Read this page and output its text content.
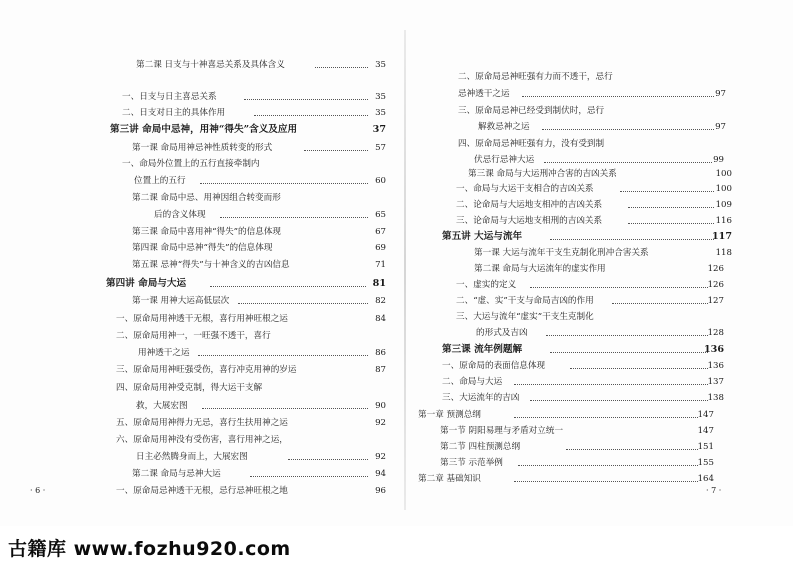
第二课 日支与十神喜忌关系及具体含义	35
一、日支与日主喜忌关系	35
二、日支对日主的具体作用	35
第三讲 命局中忌神，用神“得失”含义及应用	37
第一课 命局用神忌神性质转变的形式	57
一、命局外位置上的五行直接牵制内
位置上的五行	60
第二课 命局中忌、用神因组合转变而形
后的含义体现	65
第三课 命局中喜用神“得失”的信息体现	67
第四课 命局中忌神“得失”的信息体现	69
第五课 忌神“得失”与十神含义的吉凶信息	71
第四讲 命局与大运	81
第一课 用神大运高低层次	82
一、原命局用神透干无根，喜行用神旺根之运	84
二、原命局用神一，一旺强不透干，喜行
用神透干之运	86
三、原命局用神旺强受伤，喜行冲克用神的岁运	87
四、原命局用神受克制，得大运干支解
救，大展宏图	90
五、原命局用神得力无忌，喜行生扶用神之运	92
六、原命局用神没有受伤害，喜行用神之运，
日主必然腾身而上，大展宏图	92
第二课 命局与忌神大运	94
一、原命局忌神透干无根，忌行忌神旺根之地	96
· 6 ·
二、原命局忌神旺强有力而不透干，忌行
忌神透干之运	97
三、原命局忌神已经受到制伏时，忌行
解救忌神之运	97
四、原命局忌神旺强有力，没有受到制
伏忌行忌神大运	99
第三课 命局与大运刑冲合害的吉凶关系	100
一、命局与大运干支相合的吉凶关系	100
二、论命局与大运地支相冲的吉凶关系	109
三、论命局与大运地支相刑的吉凶关系	116
第五讲 大运与流年	117
第一课 大运与流年干支生克制化刑冲合害关系	118
第二课 命局与大运流年的虚实作用	126
一、虚实的定义	126
二、“虚、实”干支与命局吉凶的作用	127
三、大运与流年“虚实”干支生克制化
的形式及吉凶	128
第三课 流年例题解	136
一、原命局的表面信息体现	136
二、命局与大运	137
三、大运流年的吉凶	138
第一章 预测总纲	147
第一节 阴阳易理与矛盾对立统一	147
第二节 四柱预测总纲	151
第三节 示范举例	155
第二章 基础知识	164
· 7 ·
古籍库 www.fozhu920.com
